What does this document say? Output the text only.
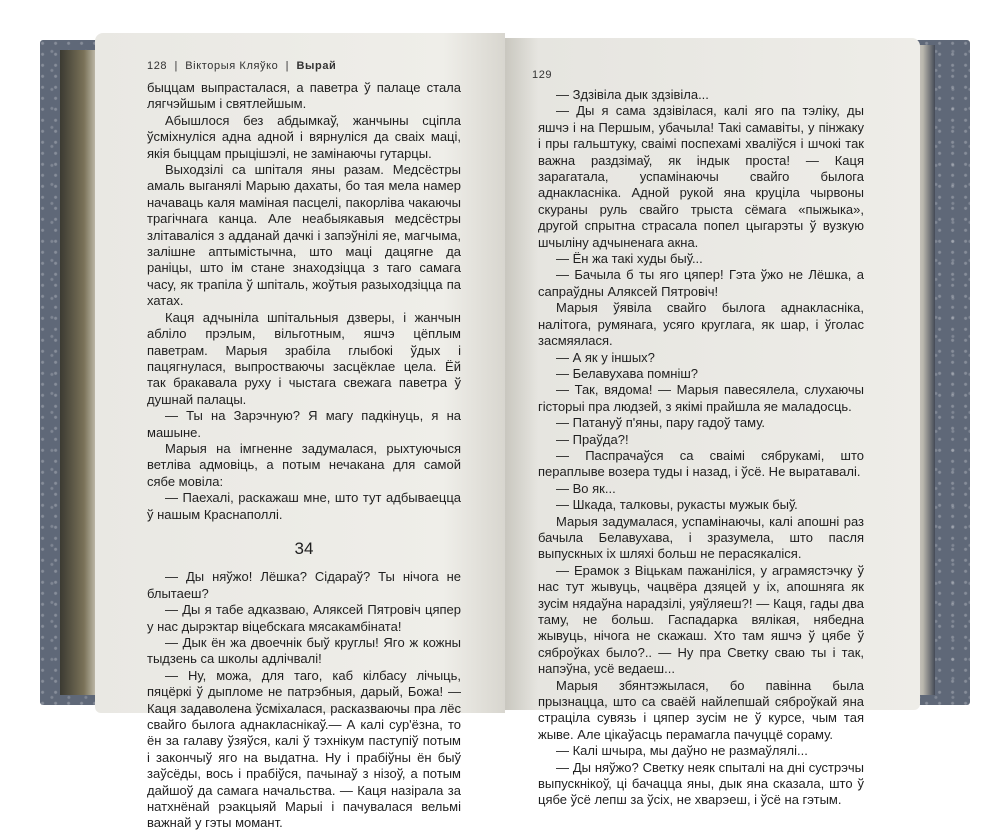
128  |  Вікторыя Кляўко  |  Вырай

быццам выпрасталася, а паветра ў палацe стала лягчэйшым і святлейшым.

Абышлося без абдымкаў, жанчыны сціпла ўсміхнуліся адна адной і вярнуліся да сваіх маці, якія быццам прыцішэлі, не замінаючы гутарцы.

Выходзілі са шпіталя яны разам. Медсёстры амаль выганялі Марыю дахаты, бо тая мела намер начаваць каля маміная пасцелі, пакорліва чакаючы трагічнага канца. Але неабыякавыя медсёстры злітаваліся з адданай дачкі і запэўнілі яе, магчыма, залішне аптымістычна, што маці дацягне да раніцы, што ім стане знаходзіцца з таго самага часу, як трапіла ў шпіталь, жоўтыя разыходзіцца па хатах.

Каця адчыніла шпітальныя дзверы, і жанчын абліло прэлым, вільготным, яшчэ цёплым паветрам. Марыя зрабіла глыбокі ўдых і пацягнулася, выпростваючы засцёклае цела. Ёй так бракавала руху і чыстага свежага паветра ў душнай палацы.

— Ты на Зарэчную? Я магу падкінуць, я на машыне.

Марыя на імгненне задумалася, рыхтуючыся ветліва адмовіць, а потым нечакана для самой сябе мовіла:

— Паехалі, раскажаш мне, што тут адбываецца ў нашым Краснаполлі.

34

— Ды няўжо! Лёшка? Сідараў? Ты нічога не блытаеш?

— Ды я табе адказваю, Аляксей Пятровіч цяпер у нас дырэктар віцебскага мясакамбіната!

— Дык ён жа двоечнік быў круглы! Ягo ж кожны тыдзень са школы адлічвалі!

— Ну, можа, для таго, каб кілбасу лічыць, пяцёркі ў дыпломе не патрэбныя, дарый, Божа! — Каця задаволена ўсміхалася, расказваючы пра лёс свайго былога аднакласнікаў.— А калі сур'ёзна, то ён за галаву ўзяўся, калі ў тэхнікум паступіў потым і закончыў ягo на выдатна. Ну і прабіўны ён быў заўсёды, вось і прабіўся, пачынаў з нізоў, а потым дайшоў да самага начальства. — Каця назірала за натхнёнай рэакцыяй Марыі і пачувалася вельмі важнай у гэты момант.

129

— Здзівіла дык здзівіла...

— Ды я сама здзівілася, калі ягo па тэліку, ды яшчэ і на Першым, убачыла! Такі самавіты, у пінжаку і пры гальштуку, сваімі поспехамі хваліўся і шчокі так важна раздзімаў, як індык проста! — Каця зарагатала, успамінаючы свайго былога аднакласніка. Адной рукой яна круціла чырвоны скураны руль свайго трыста сёмага «пыжыка», другой спрытна страсала попел цыгарэты ў вузкую шчыліну адчыненага акна.

— Ён жа такі худы быў...

— Бачыла б ты ягo цяпер! Гэта ўжо не Лёшка, а сапраўдны Аляксей Пятровіч!

Марыя ўявіла свайго былога аднакласніка, налітога, румянага, усяго круглага, як шар, і ўголас засмяялася.

— А як у іншых?

— Белавухава помніш?

— Так, вядома! — Марыя павесялела, слухаючы гісторыі пра людзей, з якімі прайшла яе маладосць.

— Патануў п'яны, пару гадоў таму.

— Праўда?!

— Паспрачаўся са сваімі сябрукамі, што пераплыве возера туды і назад, і ўсё. Не выратавалі.

— Во як...

— Шкада, талковы, рукасты мужык быў.

Марыя задумалася, успамінаючы, калі апошні раз бачыла Белавухава, і зразумела, што пасля выпускных іх шляхі больш не перасякаліся.

— Ерамок з Віцькам пажаніліся, у аграмястэчку ў нас тут жывуць, чацвёра дзяцей у іх, апошняга як зусім нядаўна нарадзілі, уяўляеш?! — Каця, гады два таму, не больш. Гаспадарка вялікая, нябедна жывуць, нічога не скажаш. Хто там яшчэ ў цябе ў сяброўках было?.. — Ну пра Светку сваю ты і так, напэўна, усё ведаеш...

Марыя збянтэжылася, бо павінна была прызнацца, што са сваёй найлепшай сяброўкай яна страціла сувязь і цяпер зусім не ў курсе, чым тая жыве. Але цікаўасць перамагла пачуццё сораму.

— Калі шчыра, мы даўно не размаўлялі...

— Ды няўжо? Светку неяк спыталі на дні сустрэчы выпускнікоў, ці бачацца яны, дык яна сказала, што ў цябе ўсё лепш за ўсіх, не хварэеш, і ўсё на гэтым.
